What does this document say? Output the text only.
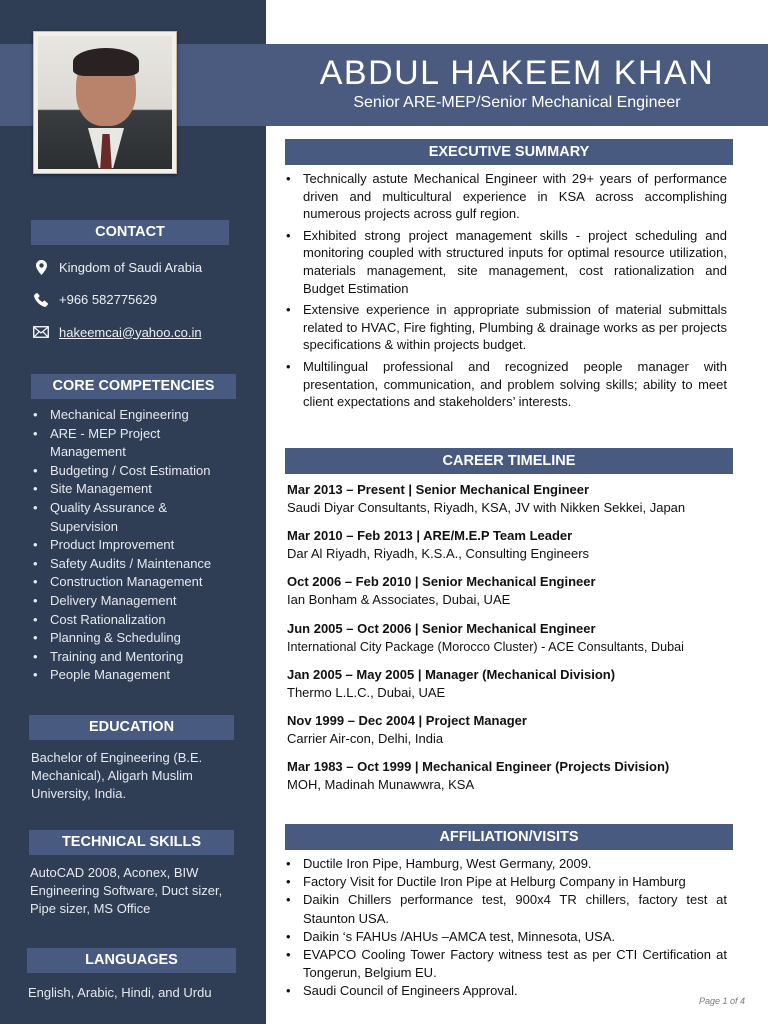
ABDUL HAKEEM KHAN
Senior ARE-MEP/Senior Mechanical Engineer
CONTACT
Kingdom of Saudi Arabia
+966 582775629
hakeemcai@yahoo.co.in
CORE COMPETENCIES
• Mechanical Engineering
• ARE - MEP Project Management
• Budgeting / Cost Estimation
• Site Management
• Quality Assurance & Supervision
• Product Improvement
• Safety Audits / Maintenance
• Construction Management
• Delivery Management
• Cost Rationalization
• Planning & Scheduling
• Training and Mentoring
• People Management
EDUCATION
Bachelor of Engineering (B.E. Mechanical), Aligarh Muslim University, India.
TECHNICAL SKILLS
AutoCAD 2008, Aconex, BIW Engineering Software, Duct sizer, Pipe sizer, MS Office
LANGUAGES
English, Arabic, Hindi, and Urdu
EXECUTIVE SUMMARY
• Technically astute Mechanical Engineer with 29+ years of performance driven and multicultural experience in KSA across accomplishing numerous projects across gulf region.
• Exhibited strong project management skills - project scheduling and monitoring coupled with structured inputs for optimal resource utilization, materials management, site management, cost rationalization and Budget Estimation
• Extensive experience in appropriate submission of material submittals related to HVAC, Fire fighting, Plumbing & drainage works as per projects specifications & within projects budget.
• Multilingual professional and recognized people manager with presentation, communication, and problem solving skills; ability to meet client expectations and stakeholders’ interests.
CAREER TIMELINE
Mar 2013 – Present | Senior Mechanical Engineer
Saudi Diyar Consultants, Riyadh, KSA, JV with Nikken Sekkei, Japan
Mar 2010 – Feb 2013 | ARE/M.E.P Team Leader
Dar Al Riyadh, Riyadh, K.S.A., Consulting Engineers
Oct 2006 – Feb 2010 | Senior Mechanical Engineer
Ian Bonham & Associates, Dubai, UAE
Jun 2005 – Oct 2006 | Senior Mechanical Engineer
International City Package (Morocco Cluster) - ACE Consultants, Dubai
Jan 2005 – May 2005 | Manager (Mechanical Division)
Thermo L.L.C., Dubai, UAE
Nov 1999 – Dec 2004 | Project Manager
Carrier Air-con, Delhi, India
Mar 1983 – Oct 1999 | Mechanical Engineer (Projects Division)
MOH, Madinah Munawwra, KSA
AFFILIATION/VISITS
• Ductile Iron Pipe, Hamburg, West Germany, 2009.
• Factory Visit for Ductile Iron Pipe at Helburg Company in Hamburg
• Daikin Chillers performance test, 900x4 TR chillers, factory test at Staunton USA.
• Daikin ‘s FAHUs /AHUs –AMCA test, Minnesota, USA.
• EVAPCO Cooling Tower Factory witness test as per CTI Certification at Tongerun, Belgium EU.
• Saudi Council of Engineers Approval.
Page 1 of 4
